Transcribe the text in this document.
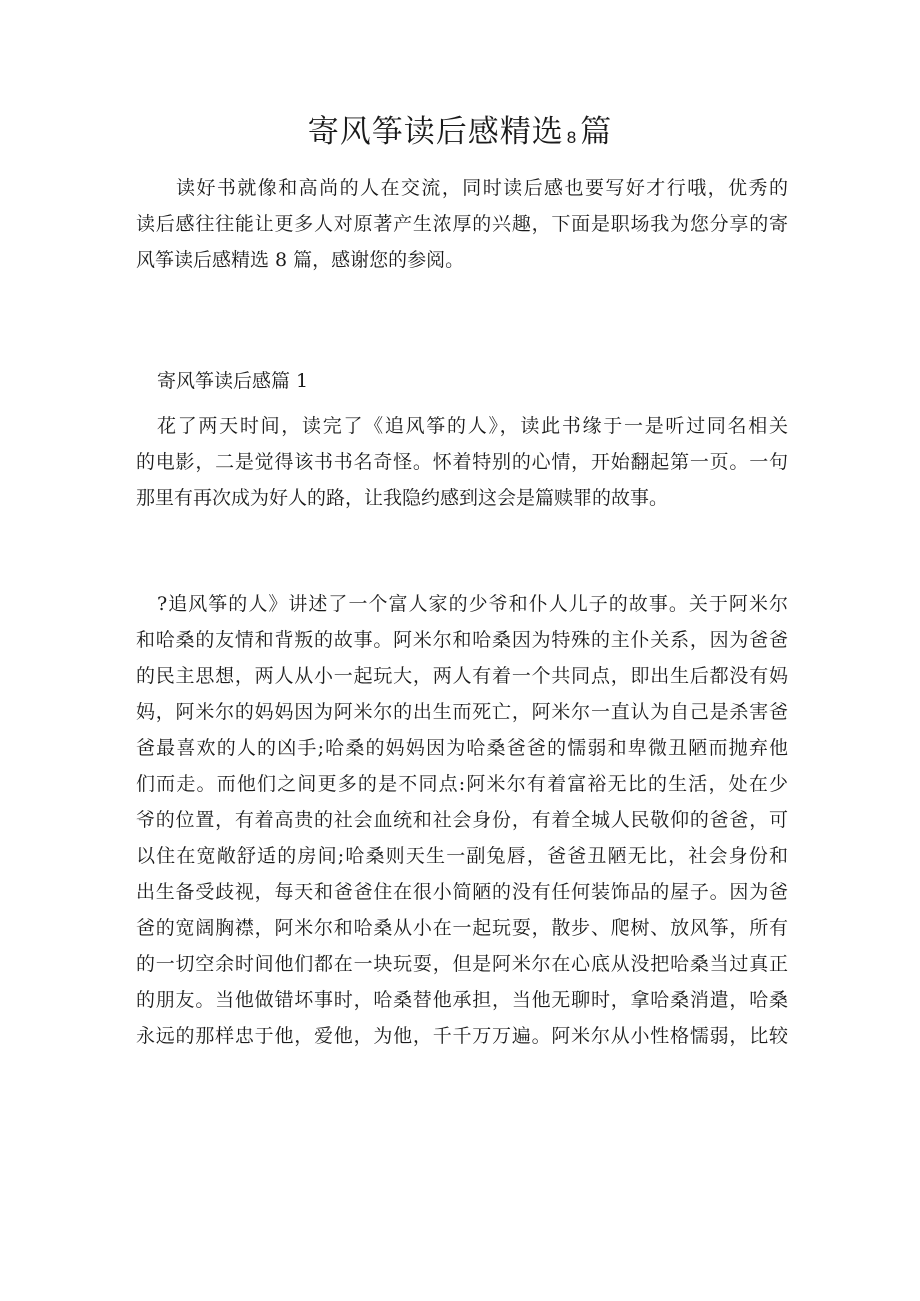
寄风筝读后感精选 8篇

读好书就像和高尚的人在交流，同时读后感也要写好才行哦，优秀的
读后感往往能让更多人对原著产生浓厚的兴趣，下面是职场我为您分享的寄
风筝读后感精选 8 篇，感谢您的参阅。

寄风筝读后感篇 1

花了两天时间，读完了《追风筝的人》，读此书缘于一是听过同名相关
的电影，二是觉得该书书名奇怪。怀着特别的心情，开始翻起第一页。一句
那里有再次成为好人的路，让我隐约感到这会是篇赎罪的故事。

?追风筝的人》讲述了一个富人家的少爷和仆人儿子的故事。关于阿米尔
和哈桑的友情和背叛的故事。阿米尔和哈桑因为特殊的主仆关系，因为爸爸
的民主思想，两人从小一起玩大，两人有着一个共同点，即出生后都没有妈
妈，阿米尔的妈妈因为阿米尔的出生而死亡，阿米尔一直认为自己是杀害爸
爸最喜欢的人的凶手;哈桑的妈妈因为哈桑爸爸的懦弱和卑微丑陋而抛弃他
们而走。而他们之间更多的是不同点:阿米尔有着富裕无比的生活，处在少
爷的位置，有着高贵的社会血统和社会身份，有着全城人民敬仰的爸爸，可
以住在宽敞舒适的房间;哈桑则天生一副兔唇，爸爸丑陋无比，社会身份和
出生备受歧视，每天和爸爸住在很小简陋的没有任何装饰品的屋子。因为爸
爸的宽阔胸襟，阿米尔和哈桑从小在一起玩耍，散步、爬树、放风筝，所有
的一切空余时间他们都在一块玩耍，但是阿米尔在心底从没把哈桑当过真正
的朋友。当他做错坏事时，哈桑替他承担，当他无聊时，拿哈桑消遣，哈桑
永远的那样忠于他，爱他，为他，千千万万遍。阿米尔从小性格懦弱，比较
